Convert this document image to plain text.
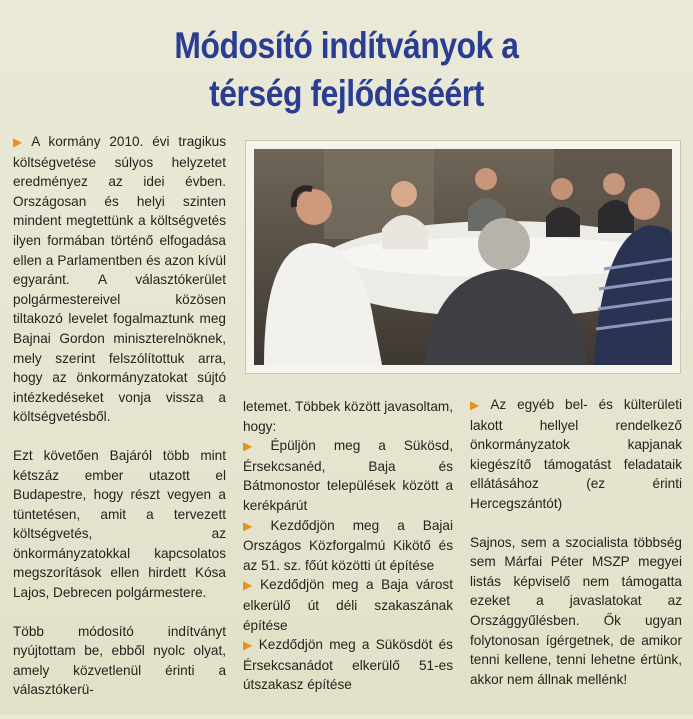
Módosító indítványok a
térség fejlődéséért

▶ A kormány 2010. évi tragikus költségvetése súlyos helyzetet eredményez az idei évben. Országosan és helyi szinten mindent megtettünk a költségvetés ilyen formában történő elfogadása ellen a Parlamentben és azon kívül egyaránt. A választókerület polgármestereivel közösen tiltakozó levelet fogalmaztunk meg Bajnai Gordon miniszterelnöknek, mely szerint felszólítottuk arra, hogy az önkormányzatokat sújtó intézkedéseket vonja vissza a költségvetésből.

Ezt követően Bajáról több mint kétszáz ember utazott el Budapestre, hogy részt vegyen a tüntetésen, amit a tervezett költségvetés, az önkormányzatokkal kapcsolatos megszorítások ellen hirdett Kósa Lajos, Debrecen polgármestere.

Több módosító indítványt nyújtottam be, ebből nyolc olyat, amely közvetlenül érinti a választókerü-

letemet. Többek között javasoltam, hogy:

▶ Épüljön meg a Sükösd, Érsekcsanéd, Baja és Bátmonostor települések között a kerékpárút
▶ Kezdődjön meg a Bajai Országos Közforgalmú Kikötő és az 51. sz. főút közötti út építése
▶ Kezdődjön meg a Baja várost elkerülő út déli szakaszának építése
▶ Kezdődjön meg a Sükösdöt és Érsekcsanádot elkerülő 51-es útszakasz építése

▶ Az egyéb bel- és külterületi lakott hellyel rendelkező önkormányzatok kapjanak kiegészítő támogatást feladataik ellátásához (ez érinti Hercegszántót)

Sajnos, sem a szocialista többség sem Márfai Péter MSZP megyei listás képviselő nem támogatta ezeket a javaslatokat az Országgyűlésben. Ők ugyan folytonosan ígérgetnek, de amikor tenni kellene, tenni lehetne értünk, akkor nem állnak mellénk!
